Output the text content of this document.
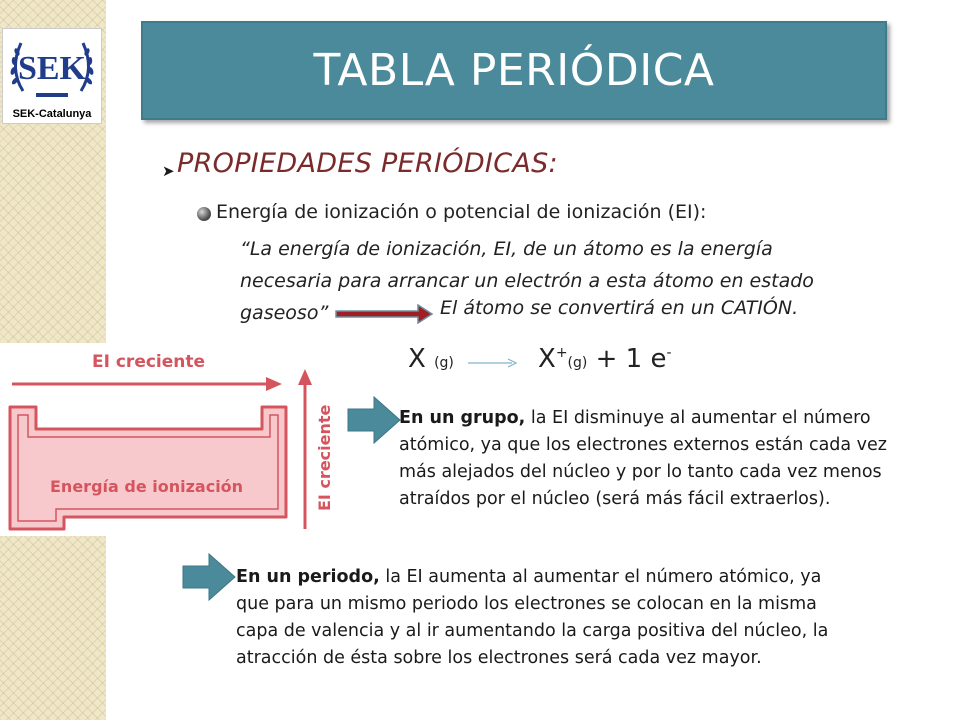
SEK
SEK-Catalunya
TABLA PERIÓDICA
➤ PROPIEDADES PERIÓDICAS:
Energía de ionización o potencial de ionización (EI):
“La energía de ionización, EI, de un átomo es la energía
necesaria para arrancar un electrón a esta átomo en estado
gaseoso”	El átomo se convertirá en un CATIÓN.
X (g) → X+(g) + 1 e-
EI creciente
Energía de ionización	EI creciente	En un grupo, la EI disminuye al aumentar el número
atómico, ya que los electrones externos están cada vez
más alejados del núcleo y por lo tanto cada vez menos
atraídos por el núcleo (será más fácil extraerlos).
En un periodo, la EI aumenta al aumentar el número atómico, ya
que para un mismo periodo los electrones se colocan en la misma
capa de valencia y al ir aumentando la carga positiva del núcleo, la
atracción de ésta sobre los electrones será cada vez mayor.
